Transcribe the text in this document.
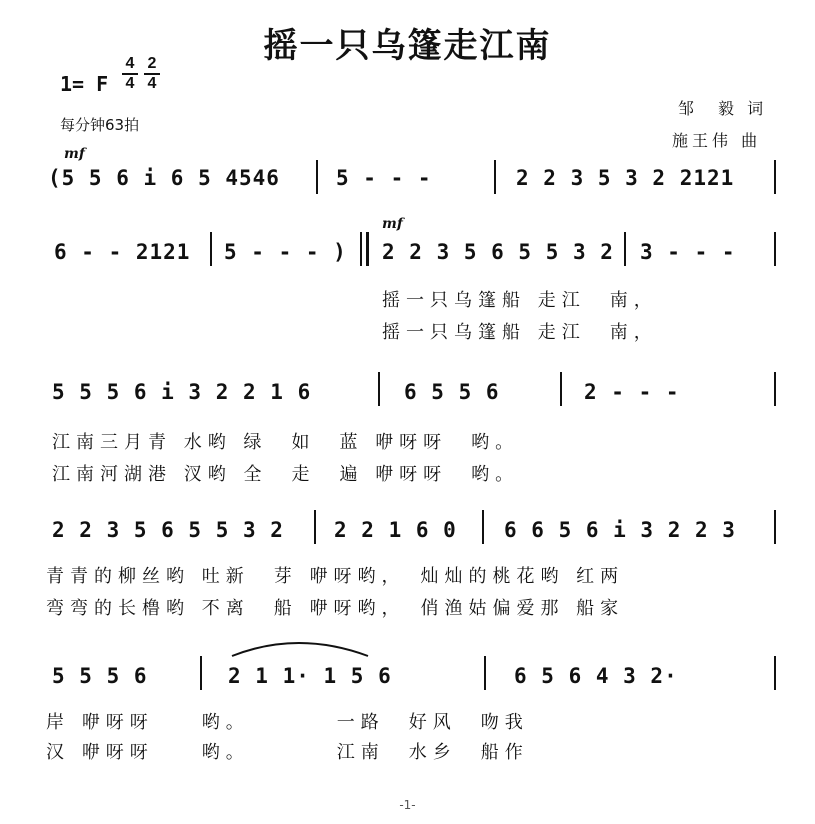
摇一只乌篷走江南
1= F
4
4
2
4
每分钟63拍
邹　毅 词
施王伟 曲
mf
(5 5 6 i 6 5 4546	5 - - -	2 2 3 5 3 2 2121
6 - - 2121 5 - - - )
mf
2 2 3 5 6 5 5 3 2 3 - - -
摇一只乌篷船 走江　南，
摇一只乌篷船 走江　南，
5 5 5 6 i 3 2 2 1 6	6 5 5 6	2 - - -
江南三月青 水哟 绿　如　蓝 咿呀呀　哟。
江南河湖港 汊哟 全　走　遍 咿呀呀　哟。
2 2 3 5 6 5 5 3 2 2 2 1 6 0 6 6 5 6 i 3 2 2 3
青青的柳丝哟 吐新　芽 咿呀哟，　灿灿的桃花哟 红两
弯弯的长橹哟 不离　船 咿呀哟，　俏渔姑偏爱那 船家
5 5 5 6	2 1 1· 1 5 6	6 5 6 4 3 2·
岸 咿呀呀　　哟。　　　　一路　好风　吻我
汉 咿呀呀　　哟。　　　　江南　水乡　船作
-1-
